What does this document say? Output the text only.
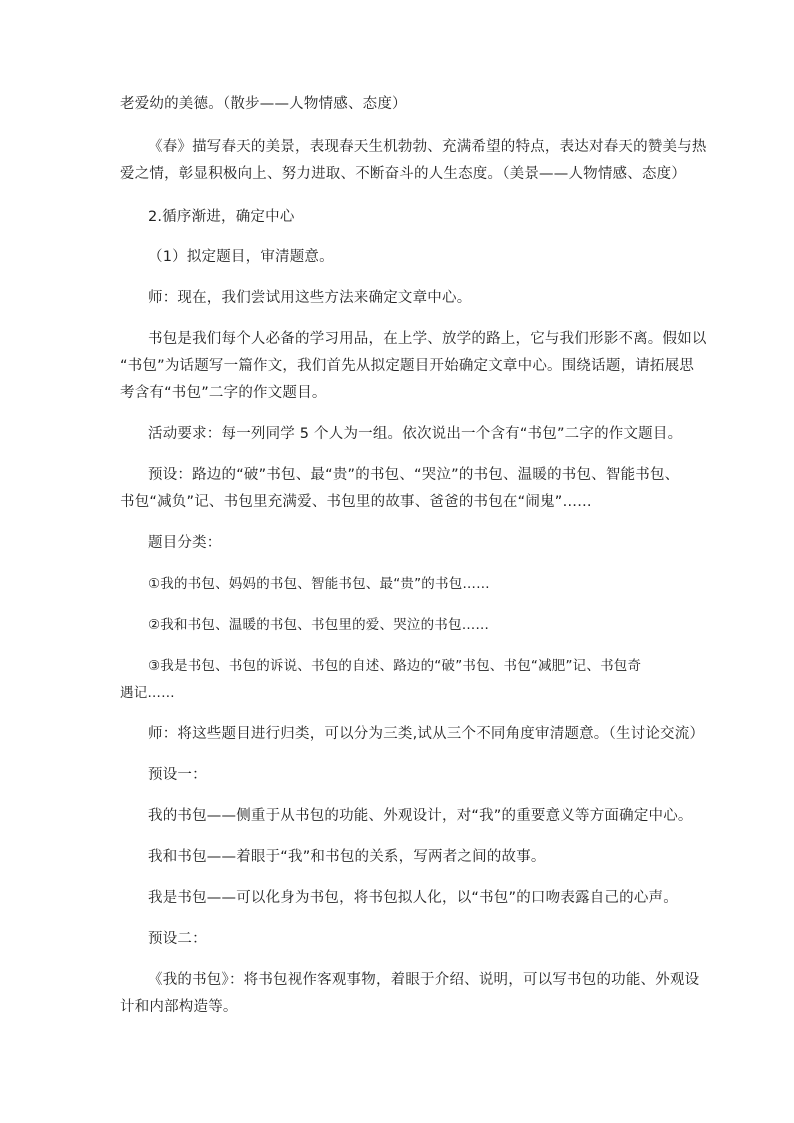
老爱幼的美德。（散步——人物情感、态度）
《春》描写春天的美景，表现春天生机勃勃、充满希望的特点，表达对春天的赞美与热
爱之情，彰显积极向上、努力进取、不断奋斗的人生态度。（美景——人物情感、态度）
2.循序渐进，确定中心
（1）拟定题目，审清题意。
师：现在，我们尝试用这些方法来确定文章中心。
书包是我们每个人必备的学习用品，在上学、放学的路上，它与我们形影不离。假如以
“书包”为话题写一篇作文，我们首先从拟定题目开始确定文章中心。围绕话题，请拓展思
考含有“书包”二字的作文题目。
活动要求：每一列同学 5 个人为一组。依次说出一个含有“书包”二字的作文题目。
预设：路边的“破”书包、最“贵”的书包、“哭泣”的书包、温暖的书包、智能书包、
书包“减负”记、书包里充满爱、书包里的故事、爸爸的书包在“闹鬼”……
题目分类：
①我的书包、妈妈的书包、智能书包、最“贵”的书包……
②我和书包、温暖的书包、书包里的爱、哭泣的书包……
③我是书包、书包的诉说、书包的自述、路边的“破”书包、书包“减肥”记、书包奇
遇记……
师：将这些题目进行归类，可以分为三类,试从三个不同角度审清题意。（生讨论交流）
预设一：
我的书包——侧重于从书包的功能、外观设计，对“我”的重要意义等方面确定中心。
我和书包——着眼于“我”和书包的关系，写两者之间的故事。
我是书包——可以化身为书包，将书包拟人化，以“书包”的口吻表露自己的心声。
预设二：
《我的书包》：将书包视作客观事物，着眼于介绍、说明，可以写书包的功能、外观设
计和内部构造等。
